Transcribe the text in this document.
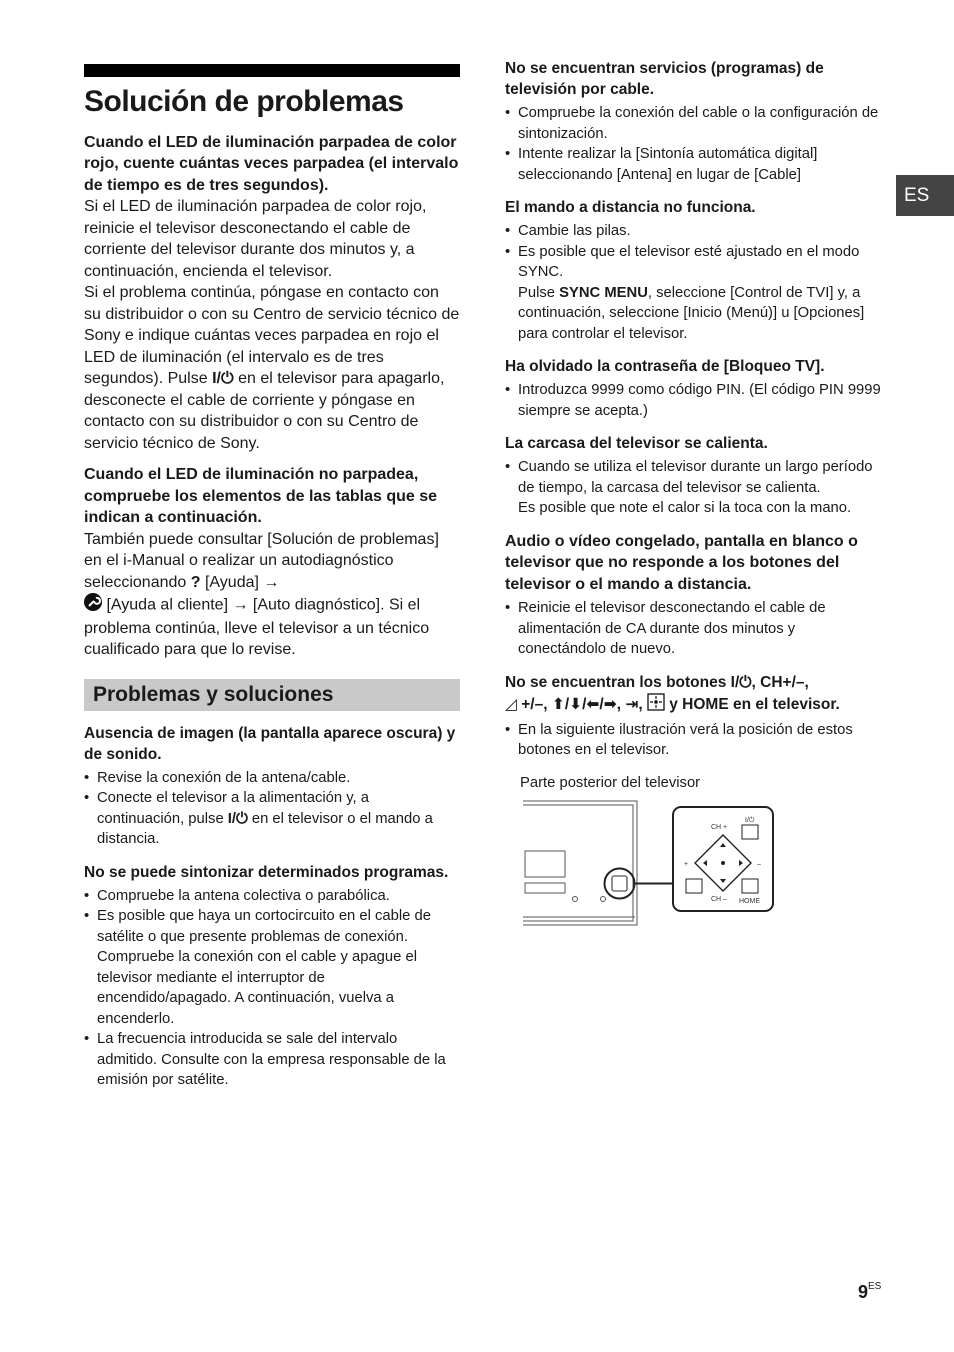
Solución de problemas

Cuando el LED de iluminación parpadea de color rojo, cuente cuántas veces parpadea (el intervalo de tiempo es de tres segundos).

Si el LED de iluminación parpadea de color rojo, reinicie el televisor desconectando el cable de corriente del televisor durante dos minutos y, a continuación, encienda el televisor.

Si el problema continúa, póngase en contacto con su distribuidor o con su Centro de servicio técnico de Sony e indique cuántas veces parpadea en rojo el LED de iluminación (el intervalo es de tres segundos). Pulse I/⏻ en el televisor para apagarlo, desconecte el cable de corriente y póngase en contacto con su distribuidor o con su Centro de servicio técnico de Sony.

Cuando el LED de iluminación no parpadea, compruebe los elementos de las tablas que se indican a continuación.

También puede consultar [Solución de problemas] en el i-Manual o realizar un autodiagnóstico seleccionando ? [Ayuda] →
[Ayuda al cliente] → [Auto diagnóstico]. Si el problema continúa, lleve el televisor a un técnico cualificado para que lo revise.

Problemas y soluciones

Ausencia de imagen (la pantalla aparece oscura) y de sonido.

• Revise la conexión de la antena/cable.
• Conecte el televisor a la alimentación y, a continuación, pulse I/⏻ en el televisor o el mando a distancia.

No se puede sintonizar determinados programas.

• Compruebe la antena colectiva o parabólica.
• Es posible que haya un cortocircuito en el cable de satélite o que presente problemas de conexión. Compruebe la conexión con el cable y apague el televisor mediante el interruptor de encendido/apagado. A continuación, vuelva a encenderlo.
• La frecuencia introducida se sale del intervalo admitido. Consulte con la empresa responsable de la emisión por satélite.

No se encuentran servicios (programas) de televisión por cable.

• Compruebe la conexión del cable o la configuración de sintonización.
• Intente realizar la [Sintonía automática digital] seleccionando [Antena] en lugar de [Cable]

El mando a distancia no funciona.

• Cambie las pilas.
• Es posible que el televisor esté ajustado en el modo SYNC.
Pulse SYNC MENU, seleccione [Control de TVI] y, a continuación, seleccione [Inicio (Menú)] u [Opciones] para controlar el televisor.

Ha olvidado la contraseña de [Bloqueo TV].

• Introduzca 9999 como código PIN. (El código PIN 9999 siempre se acepta.)

La carcasa del televisor se calienta.

• Cuando se utiliza el televisor durante un largo período de tiempo, la carcasa del televisor se calienta.
Es posible que note el calor si la toca con la mano.

Audio o vídeo congelado, pantalla en blanco o televisor que no responde a los botones del televisor o el mando a distancia.

• Reinicie el televisor desconectando el cable de alimentación de CA durante dos minutos y conectándolo de nuevo.

No se encuentran los botones I/⏻, CH+/–,
◿ +/–, ⬆/⬇/⬅/➡, ⇥,  y HOME en el televisor.

• En la siguiente ilustración verá la posición de estos botones en el televisor.
Parte posterior del televisor
CH +
CH – HOME
I/⏻
+	–
ES
$9^{ES}$
